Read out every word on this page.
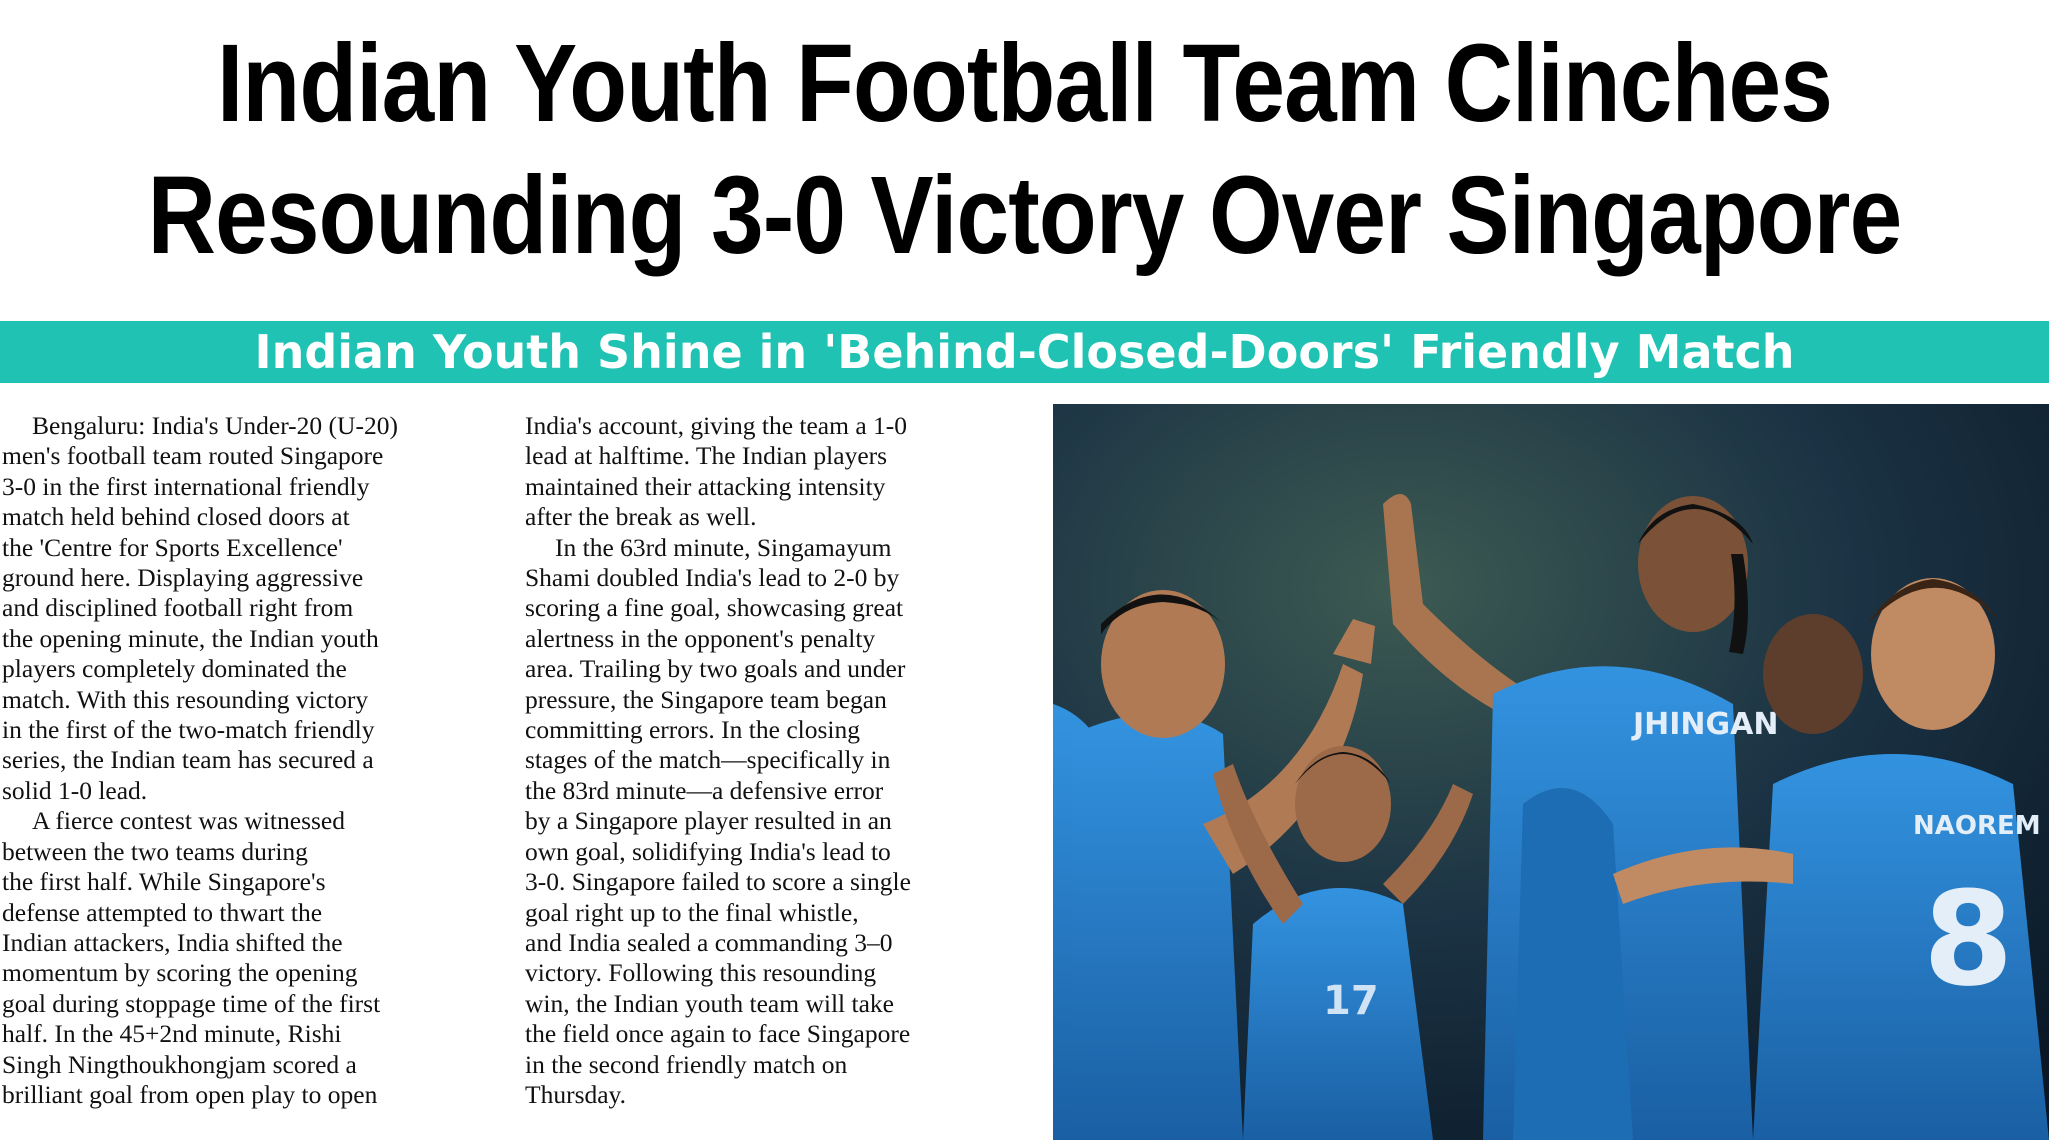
Indian Youth Football Team Clinches
Resounding 3-0 Victory Over Singapore
Indian Youth Shine in 'Behind-Closed-Doors' Friendly Match
Bengaluru: India's Under-20 (U-20)
men's football team routed Singapore
3-0 in the first international friendly
match held behind closed doors at
the 'Centre for Sports Excellence'
ground here. Displaying aggressive
and disciplined football right from
the opening minute, the Indian youth
players completely dominated the
match. With this resounding victory
in the first of the two-match friendly
series, the Indian team has secured a
solid 1-0 lead.
A fierce contest was witnessed
between the two teams during
the first half. While Singapore's
defense attempted to thwart the
Indian attackers, India shifted the
momentum by scoring the opening
goal during stoppage time of the first
half. In the 45+2nd minute, Rishi
Singh Ningthoukhongjam scored a
brilliant goal from open play to open
India's account, giving the team a 1-0
lead at halftime. The Indian players
maintained their attacking intensity
after the break as well.
In the 63rd minute, Singamayum
Shami doubled India's lead to 2-0 by
scoring a fine goal, showcasing great
alertness in the opponent's penalty
area. Trailing by two goals and under
pressure, the Singapore team began
committing errors. In the closing
stages of the match—specifically in
the 83rd minute—a defensive error
by a Singapore player resulted in an
own goal, solidifying India's lead to
3-0. Singapore failed to score a single
goal right up to the final whistle,
and India sealed a commanding 3–0
victory. Following this resounding
win, the Indian youth team will take
the field once again to face Singapore
in the second friendly match on
Thursday.
17
JHINGAN
NAOREM
8
